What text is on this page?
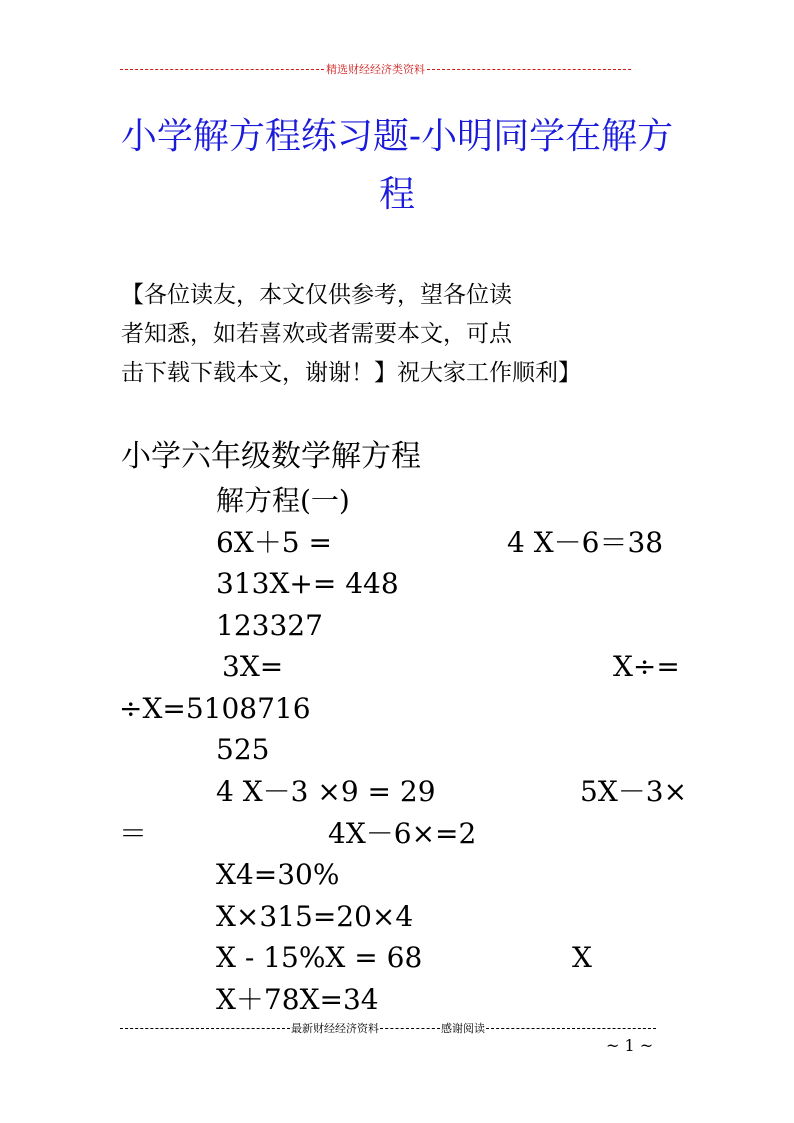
精选财经经济类资料
小学解方程练习题-小明同学在解方
程
【各位读友，本文仅供参考，望各位读
者知悉，如若喜欢或者需要本文，可点
击下载下载本文，谢谢！】祝大家工作顺利】
小学六年级数学解方程
解方程(一)
6X＋5 =	4 X－6＝38
313X+= 448
123327
3X=	X÷=
÷X=5108716
525
4 X－3 ×9 = 29	5X－3×
＝	4X－6×=2
X4=30%
X×315=20×4
X - 15%X = 68	X
X＋78X=34
最新财经经济资料	感谢阅读
~ 1 ~
